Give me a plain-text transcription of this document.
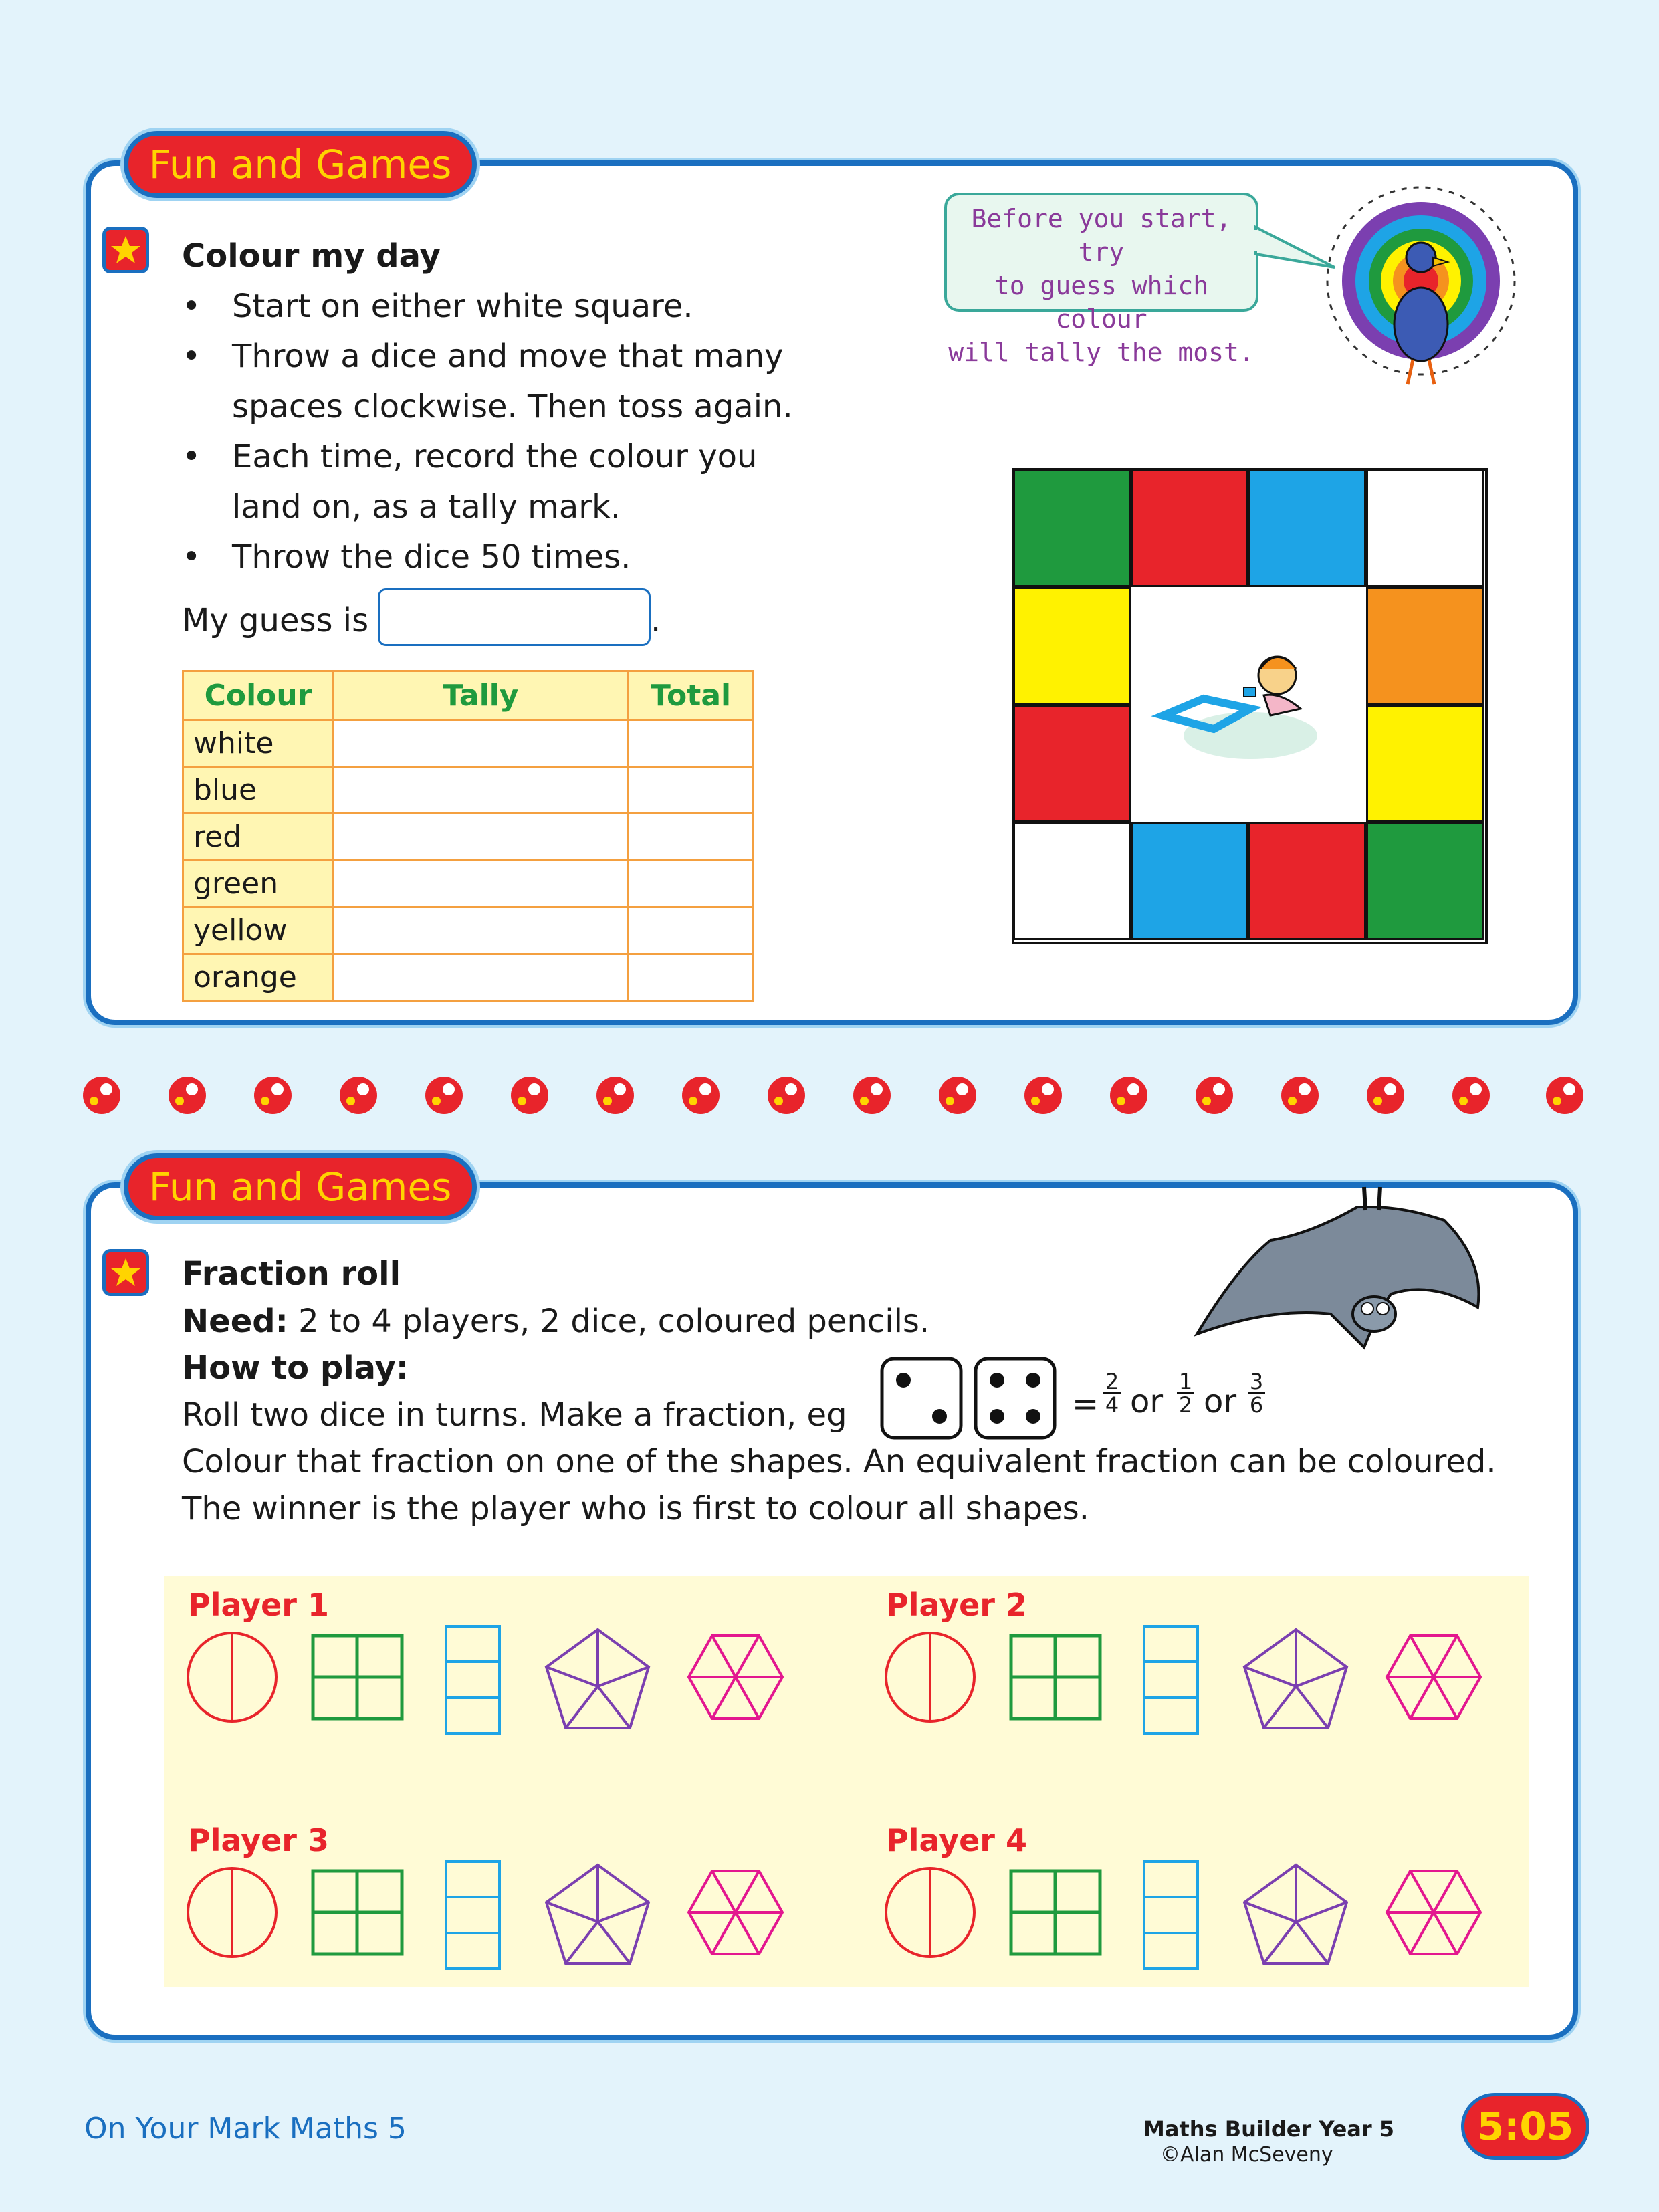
Fun and Games
Colour my day
• Start on either white square.
• Throw a dice and move that many
spaces clockwise. Then toss again.
• Each time, record the colour you
land on, as a tally mark.
• Throw the dice 50 times.
My guess is	.
Colour	Tally	Total
white		
blue		
red		
green		
yellow		
orange		
Before you start, try
to guess which colour
will tally the most.
Fun and Games
Fraction roll
Need: 2 to 4 players, 2 dice, coloured pencils.
How to play:
Roll two dice in turns. Make a fraction, eg	= $\frac{2}{4}$ or $\frac{1}{2}$ or $\frac{3}{6}$
Colour that fraction on one of the shapes. An equivalent fraction can be coloured.
The winner is the player who is first to colour all shapes.
Player 1	Player 2
Player 3	Player 4
On Your Mark Maths 5	Maths Builder Year 5
©Alan McSeveny
5:05
